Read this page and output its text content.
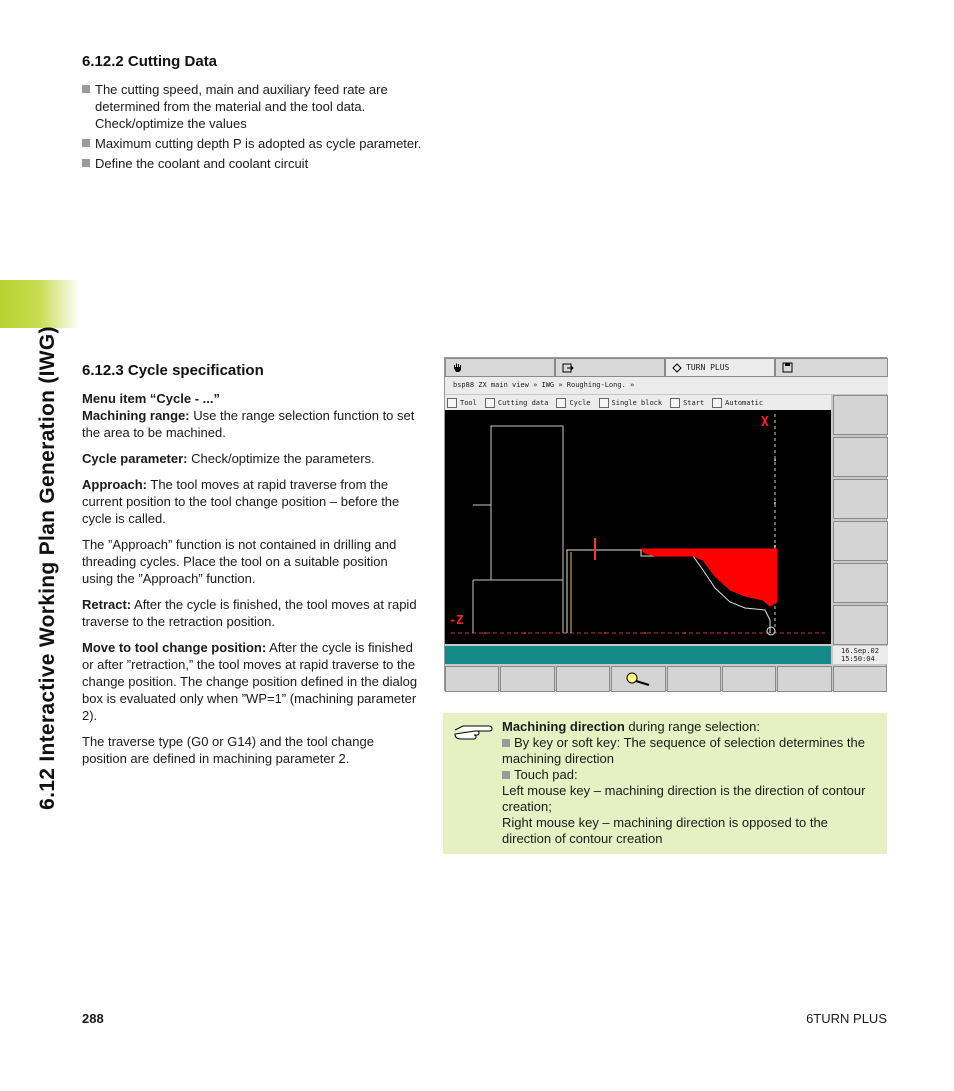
6.12 Interactive Working Plan Generation (IWG)
6.12.2 Cutting Data
The cutting speed, main and auxiliary feed rate are determined from the material and the tool data. Check/optimize the values
Maximum cutting depth P is adopted as cycle parameter.
Define the coolant and coolant circuit
6.12.3 Cycle specification

Menu item “Cycle - ...”
Machining range: Use the range selection function to set the area to be machined.

Cycle parameter: Check/optimize the parameters.

Approach: The tool moves at rapid traverse from the current position to the tool change position – before the cycle is called.

The ”Approach” function is not contained in drilling and threading cycles. Place the tool on a suitable position using the ”Approach” function.

Retract: After the cycle is finished, the tool moves at rapid traverse to the retraction position.

Move to tool change position: After the cycle is finished or after ”retraction,” the tool moves at rapid traverse to the change position. The change position defined in the dialog box is evaluated only when ”WP=1” (machining parameter 2).

The traverse type (G0 or G14) and the tool change position are defined in machining parameter 2.

TURN PLUS
bsp88 ZX main view » IWG » Roughing-Long. »
Tool	Cutting data	Cycle	Single block	Start	Automatic
X
-Z
16.Sep.02
15:50:04
Machining direction during range selection:
By key or soft key: The sequence of selection determines the machining direction
Touch pad:
Left mouse key – machining direction is the direction of contour creation;
Right mouse key – machining direction is opposed to the direction of contour creation
288	6TURN PLUS
